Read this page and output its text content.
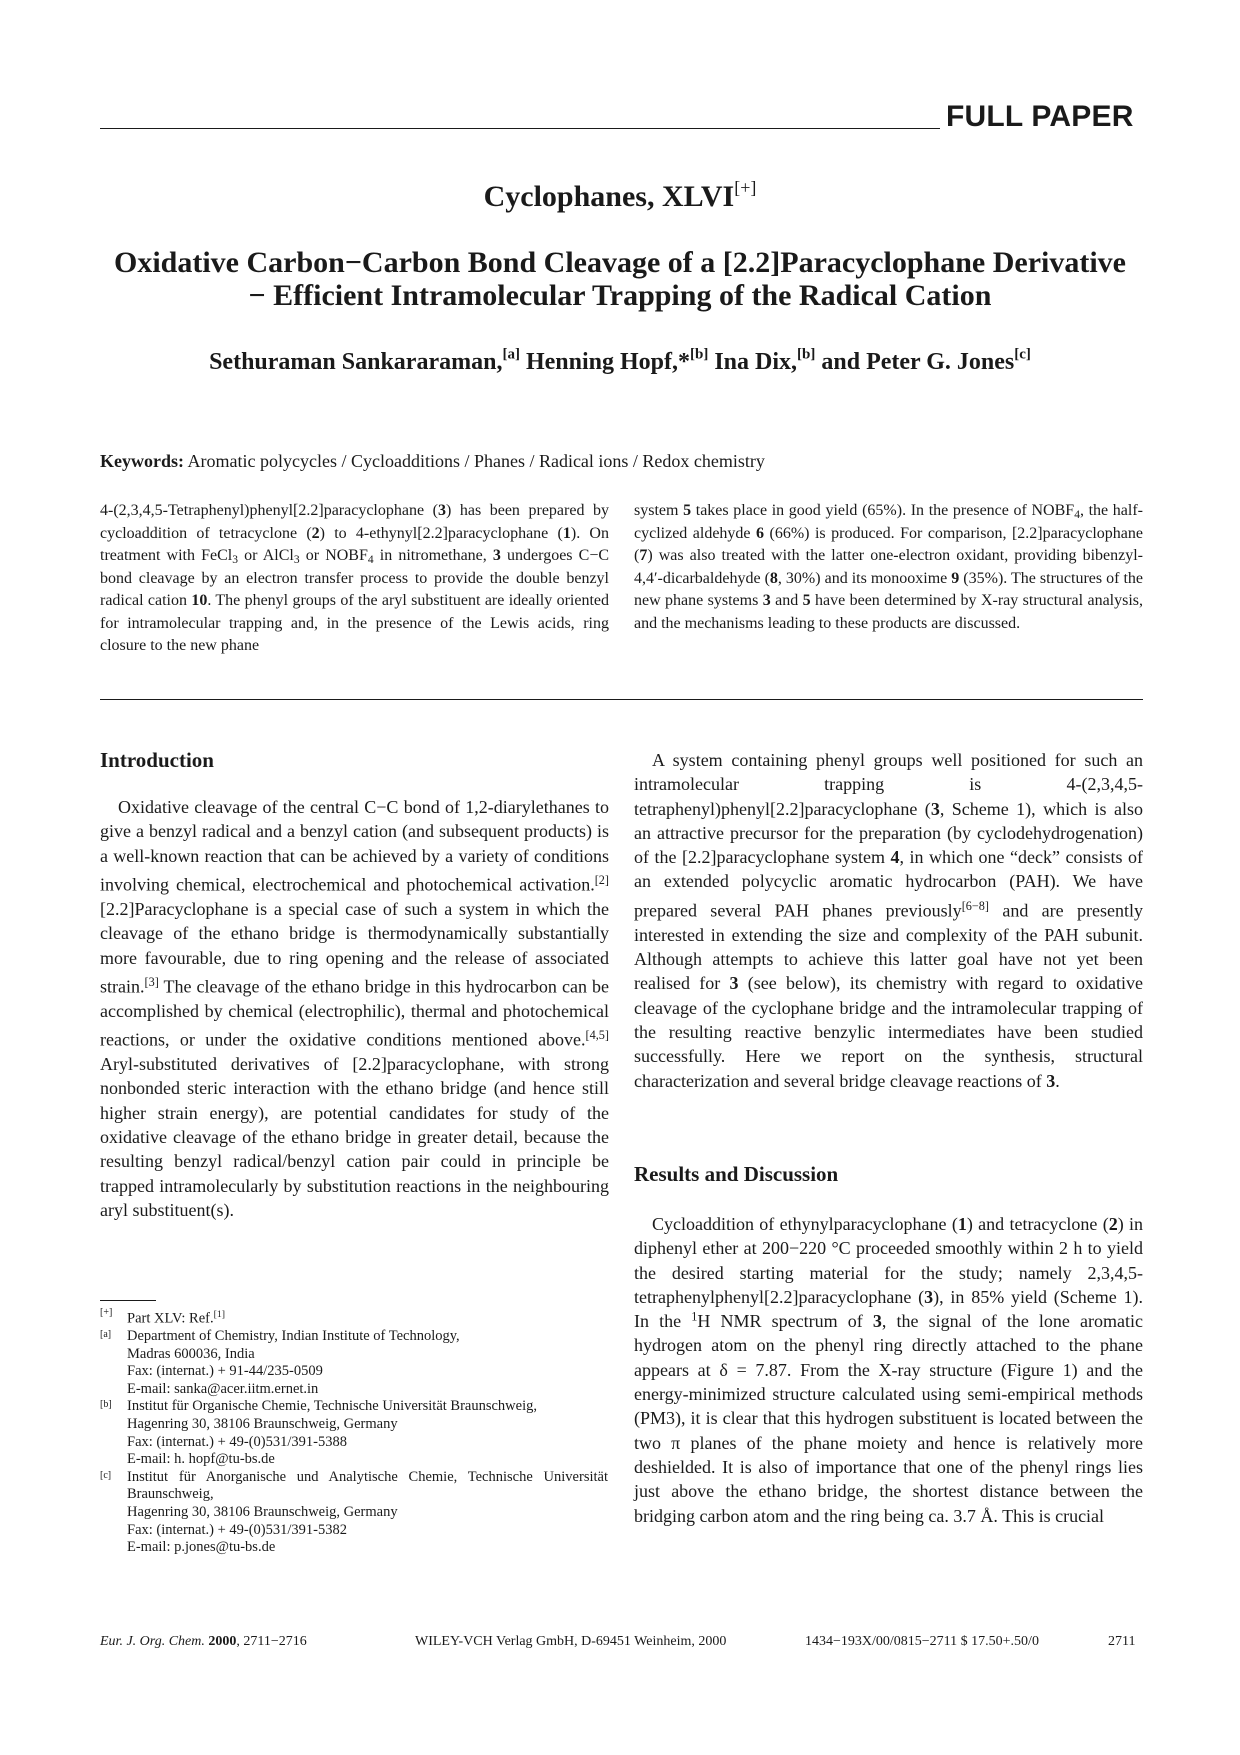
FULL PAPER
Cyclophanes, XLVI[+]
Oxidative Carbon−Carbon Bond Cleavage of a [2.2]Paracyclophane Derivative
− Efficient Intramolecular Trapping of the Radical Cation
Sethuraman Sankararaman,[a] Henning Hopf,*[b] Ina Dix,[b] and Peter G. Jones[c]
Keywords: Aromatic polycycles / Cycloadditions / Phanes / Radical ions / Redox chemistry

4-(2,3,4,5-Tetraphenyl)phenyl[2.2]paracyclophane (3) has been prepared by cycloaddition of tetracyclone (2) to 4-ethynyl[2.2]paracyclophane (1). On treatment with FeCl$_3$ or AlCl$_3$ or $NOBF_4$ in nitromethane, 3 undergoes C−C bond cleavage by an electron transfer process to provide the double benzyl radical cation 10. The phenyl groups of the aryl substituent are ideally oriented for intramolecular trapping and, in the presence of the Lewis acids, ring closure to the new phane

system 5 takes place in good yield (65%). In the presence of $NOBF_4$, the half-cyclized aldehyde 6 (66%) is produced. For comparison, [2.2]paracyclophane (7) was also treated with the latter one-electron oxidant, providing bibenzyl-4,4′-dicarbaldehyde (8, 30%) and its monooxime 9 (35%). The structures of the new phane systems 3 and 5 have been determined by X-ray structural analysis, and the mechanisms leading to these products are discussed.

Introduction

Oxidative cleavage of the central C−C bond of 1,2-diarylethanes to give a benzyl radical and a benzyl cation (and subsequent products) is a well-known reaction that can be achieved by a variety of conditions involving chemical, electrochemical and photochemical activation.[2] [2.2]Paracyclophane is a special case of such a system in which the cleavage of the ethano bridge is thermodynamically substantially more favourable, due to ring opening and the release of associated strain.[3] The cleavage of the ethano bridge in this hydrocarbon can be accomplished by chemical (electrophilic), thermal and photochemical reactions, or under the oxidative conditions mentioned above.[4,5] Aryl-substituted derivatives of [2.2]paracyclophane, with strong nonbonded steric interaction with the ethano bridge (and hence still higher strain energy), are potential candidates for study of the oxidative cleavage of the ethano bridge in greater detail, because the resulting benzyl radical/benzyl cation pair could in principle be trapped intramolecularly by substitution reactions in the neighbouring aryl substituent(s).

A system containing phenyl groups well positioned for such an intramolecular trapping is 4-(2,3,4,5-tetraphenyl)phenyl[2.2]paracyclophane (3, Scheme 1), which is also an attractive precursor for the preparation (by cyclodehydrogenation) of the [2.2]paracyclophane system 4, in which one “deck” consists of an extended polycyclic aromatic hydrocarbon (PAH). We have prepared several PAH phanes previously[6−8] and are presently interested in extending the size and complexity of the PAH subunit. Although attempts to achieve this latter goal have not yet been realised for 3 (see below), its chemistry with regard to oxidative cleavage of the cyclophane bridge and the intramolecular trapping of the resulting reactive benzylic intermediates have been studied successfully. Here we report on the synthesis, structural characterization and several bridge cleavage reactions of 3.

Results and Discussion

Cycloaddition of ethynylparacyclophane (1) and tetracyclone (2) in diphenyl ether at 200−220 °C proceeded smoothly within 2 h to yield the desired starting material for the study; namely 2,3,4,5-tetraphenylphenyl[2.2]paracyclophane (3), in 85% yield (Scheme 1). In the $^1$H NMR spectrum of 3, the signal of the lone aromatic hydrogen atom on the phenyl ring directly attached to the phane appears at δ = 7.87. From the X-ray structure (Figure 1) and the energy-minimized structure calculated using semi-empirical methods (PM3), it is clear that this hydrogen substituent is located between the two π planes of the phane moiety and hence is relatively more deshielded. It is also of importance that one of the phenyl rings lies just above the ethano bridge, the shortest distance between the bridging carbon atom and the ring being ca. 3.7 Å. This is crucial

[+] Part XLV: Ref.[1]
[a] Department of Chemistry, Indian Institute of Technology,
Madras 600036, India
Fax: (internat.) + 91-44/235-0509
E-mail: sanka@acer.iitm.ernet.in
[b] Institut für Organische Chemie, Technische Universität Braunschweig,
Hagenring 30, 38106 Braunschweig, Germany
Fax: (internat.) + 49-(0)531/391-5388
E-mail: h. hopf@tu-bs.de
[c] Institut für Anorganische und Analytische Chemie, Technische Universität Braunschweig,
Hagenring 30, 38106 Braunschweig, Germany
Fax: (internat.) + 49-(0)531/391-5382
E-mail: p.jones@tu-bs.de
Eur. J. Org. Chem. 2000, 2711−2716	WILEY-VCH Verlag GmbH, D-69451 Weinheim, 2000	1434−193X/00/0815−2711 $ 17.50+.50/0	2711
